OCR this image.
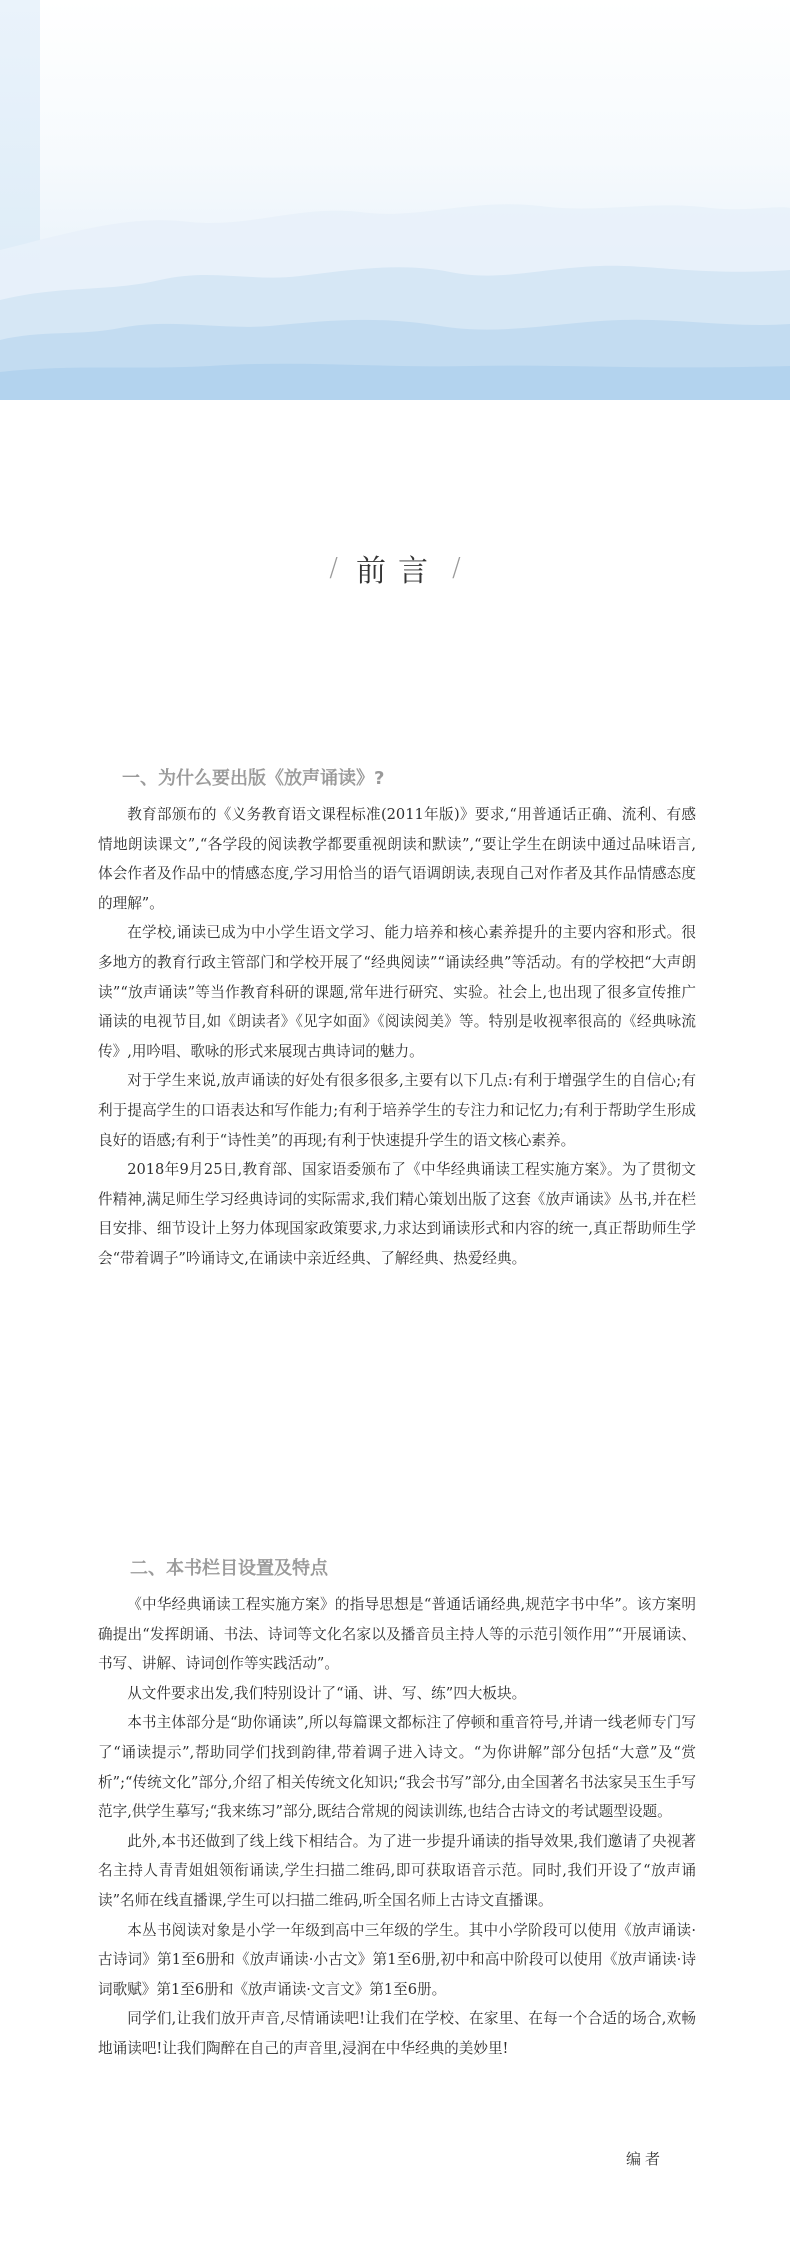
/ 前言 /
一、为什么要出版《放声诵读》?

教育部颁布的《义务教育语文课程标准(2011年版)》要求,“用普通话正确、流利、有感情地朗读课文”,“各学段的阅读教学都要重视朗读和默读”,“要让学生在朗读中通过品味语言,体会作者及作品中的情感态度,学习用恰当的语气语调朗读,表现自己对作者及其作品情感态度的理解”。

在学校,诵读已成为中小学生语文学习、能力培养和核心素养提升的主要内容和形式。很多地方的教育行政主管部门和学校开展了“经典阅读”“诵读经典”等活动。有的学校把“大声朗读”“放声诵读”等当作教育科研的课题,常年进行研究、实验。社会上,也出现了很多宣传推广诵读的电视节目,如《朗读者》《见字如面》《阅读阅美》等。特别是收视率很高的《经典咏流传》,用吟唱、歌咏的形式来展现古典诗词的魅力。

对于学生来说,放声诵读的好处有很多很多,主要有以下几点:有利于增强学生的自信心;有利于提高学生的口语表达和写作能力;有利于培养学生的专注力和记忆力;有利于帮助学生形成良好的语感;有利于“诗性美”的再现;有利于快速提升学生的语文核心素养。

2018年9月25日,教育部、国家语委颁布了《中华经典诵读工程实施方案》。为了贯彻文件精神,满足师生学习经典诗词的实际需求,我们精心策划出版了这套《放声诵读》丛书,并在栏目安排、细节设计上努力体现国家政策要求,力求达到诵读形式和内容的统一,真正帮助师生学会“带着调子”吟诵诗文,在诵读中亲近经典、了解经典、热爱经典。

二、本书栏目设置及特点

《中华经典诵读工程实施方案》的指导思想是“普通话诵经典,规范字书中华”。该方案明确提出“发挥朗诵、书法、诗词等文化名家以及播音员主持人等的示范引领作用”“开展诵读、书写、讲解、诗词创作等实践活动”。

从文件要求出发,我们特别设计了“诵、讲、写、练”四大板块。

本书主体部分是“助你诵读”,所以每篇课文都标注了停顿和重音符号,并请一线老师专门写了“诵读提示”,帮助同学们找到韵律,带着调子进入诗文。“为你讲解”部分包括“大意”及“赏析”;“传统文化”部分,介绍了相关传统文化知识;“我会书写”部分,由全国著名书法家吴玉生手写范字,供学生摹写;“我来练习”部分,既结合常规的阅读训练,也结合古诗文的考试题型设题。

此外,本书还做到了线上线下相结合。为了进一步提升诵读的指导效果,我们邀请了央视著名主持人青青姐姐领衔诵读,学生扫描二维码,即可获取语音示范。同时,我们开设了“放声诵读”名师在线直播课,学生可以扫描二维码,听全国名师上古诗文直播课。

本丛书阅读对象是小学一年级到高中三年级的学生。其中小学阶段可以使用《放声诵读·古诗词》第1至6册和《放声诵读·小古文》第1至6册,初中和高中阶段可以使用《放声诵读·诗词歌赋》第1至6册和《放声诵读·文言文》第1至6册。

同学们,让我们放开声音,尽情诵读吧!让我们在学校、在家里、在每一个合适的场合,欢畅地诵读吧!让我们陶醉在自己的声音里,浸润在中华经典的美妙里!

编者
